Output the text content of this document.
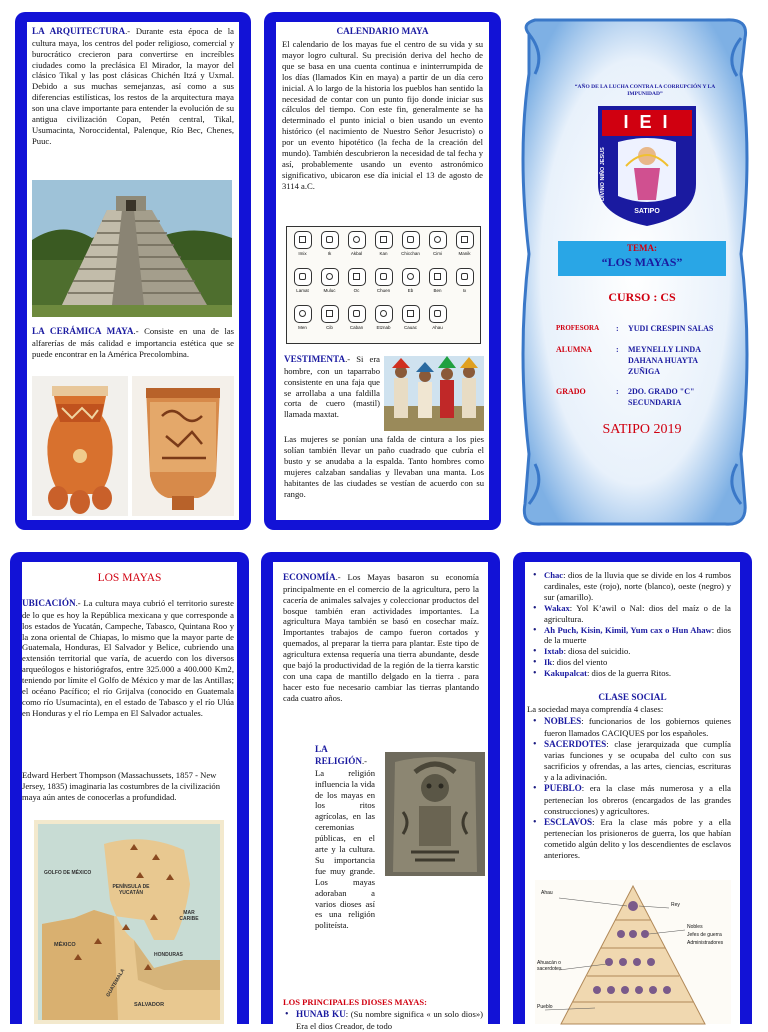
LA ARQUITECTURA.- Durante esta época de la cultura maya, los centros del poder religioso, comercial y burocrático crecieron para convertirse en increíbles ciudades como la preclásica El Mirador, la mayor del clásico Tikal y las post clásicas Chichén Itzá y Uxmal. Debido a sus muchas semejanzas, así como a sus diferencias estilísticas, los restos de la arquitectura maya son una clave importante para entender la evolución de su antigua civilización Copan, Petén central, Tikal, Usumacinta, Noroccidental, Palenque, Río Bec, Chenes, Puuc.

LA CERÁMICA MAYA.- Consiste en una de las alfarerías de más calidad e importancia estética que se puede encontrar en la América Precolombina.

CALENDARIO MAYA

El calendario de los mayas fue el centro de su vida y su mayor logro cultural. Su precisión deriva del hecho de que se basa en una cuenta continua e ininterrumpida de los días (llamados Kin en maya) a partir de un día cero inicial. A lo largo de la historia los pueblos han sentido la necesidad de contar con un punto fijo donde iniciar sus cálculos del tiempo. Con este fin, generalmente se ha determinado el punto inicial o bien usando un evento histórico (el nacimiento de Nuestro Señor Jesucristo) o por un evento hipotético (la fecha de la creación del mundo). También descubrieron la necesidad de tal fecha y así, probablemente usando un evento astronómico significativo, ubicaron ese día inicial el 13 de agosto de 3114 a.C.

Imix	Ik	Akbal	Kan	Chicchan	Cimi	Manik
Lamat	Muluc	Oc	Chuen	Eb	Ben	Ix
Men	Cib	Caban	Etznab	Cauac	Ahau

VESTIMENTA.- Si era hombre, con un taparrabo consistente en una faja que se arrollaba a una faldilla corta de cuero (mastil) llamada maxtat.

Las mujeres se ponían una falda de cintura a los pies solían también llevar un paño cuadrado que cubría el busto y se anudaba a la espalda. Tanto hombres como mujeres calzaban sandalias y llevaban una manta. Los habitantes de las ciudades se vestían de acuerdo con su rango.

“AÑO DE LA LUCHA CONTRA LA CORRUPCIÓN Y LA IMPUNIDAD”

I E I
SATIPO
DIVINO NIÑO JESUS

TEMA:

“LOS MAYAS”

CURSO : CS

PROFESORA : YUDI CRESPIN SALAS
ALUMNA	: MEYNELLY LINDA DAHANA HUAYTA ZUÑIGA
GRADO	: 2DO. GRADO "C" SECUNDARIA

SATIPO 2019

LOS MAYAS

UBICACIÓN.- La cultura maya cubrió el territorio sureste de lo que es hoy la República mexicana y que corresponde a los estados de Yucatán, Campeche, Tabasco, Quintana Roo y la zona oriental de Chiapas, lo mismo que la mayor parte de Guatemala, Honduras, El Salvador y Belice, cubriendo una extensión territorial que varía, de acuerdo con los diversos arqueólogos e historiógrafos, entre 325.000 a 400.000 Km2, teniendo por límite el Golfo de México y mar de las Antillas; el océano Pacífico; el río Grijalva (conocido en Guatemala como río Usumacinta), en el estado de Tabasco y el río Ulúa en Honduras y el río Lempa en El Salvador actuales.

Edward Herbert Thompson (Massachussets, 1857 - New Jersey, 1835) imaginaria las costumbres de la civilización maya aún antes de conocerlas a profundidad.

GOLFO DE MÉXICO
PENÍNSULA DE YUCATÁN
MAR CARIBE
MÉXICO
GUATEMALA
HONDURAS
SALVADOR

ECONOMÍA.- Los Mayas basaron su economía principalmente en el comercio de la agricultura, pero la cacería de animales salvajes y coleccionar productos del bosque también eran actividades importantes. La agricultura Maya también se basó en cosechar maíz. Importantes trabajos de campo fueron cortados y quemados, al preparar la tierra para plantar. Este tipo de agricultura extensa requería una tierra abundante, desde que bajó la productividad de la región de la tierra karstic con una capa de mantillo delgado en la tierra . para hacer esto fue necesario cambiar las tierras plantando cada cuatro años.

LA

RELIGIÓN.- La religión influencia la vida de los mayas en los ritos agrícolas, en las ceremonias públicas, en el arte y la cultura. Su importancia fue muy grande. Los mayas adoraban a varios dioses así es una religión politeísta.

LOS PRINCIPALES DIOSES MAYAS:

• HUNAB KU: (Su nombre significa « un solo dios») Era el dios Creador, de todo
• Chac: dios de la lluvia que se divide en los 4 rumbos cardinales, este (rojo), norte (blanco), oeste (negro) y sur (amarillo).
• Wakax: Yol K’awil o Nal: dios del maíz o de la agricultura.
• Ah Puch, Kisin, Kimil, Yum cax o Hun Ahaw: dios de la muerte
• Ixtab: diosa del suicidio.
• Ik: dios del viento
• Kakupalcat: dios de la guerra Ritos.

CLASE SOCIAL

La sociedad maya comprendía 4 clases:

• NOBLES: funcionarios de los gobiernos quienes fueron llamados CACIQUES por los españoles.
• SACERDOTES: clase jerarquizada que cumplía varias funciones y se ocupaba del culto con sus sacrificios y ofrendas, a las artes, ciencias, escrituras y a la adivinación.
• PUEBLO: era la clase más numerosa y a ella pertenecían los obreros (encargados de las grandes construcciones) y agricultores.
• ESCLAVOS: Era la clase más pobre y a ella pertenecían los prisioneros de guerra, los que habían cometido algún delito y los descendientes de esclavos anteriores.
Ahau
Rey
Nobles
Jefes de guerra
Administradores
Ahuacán o sacerdotes
Pueblo
